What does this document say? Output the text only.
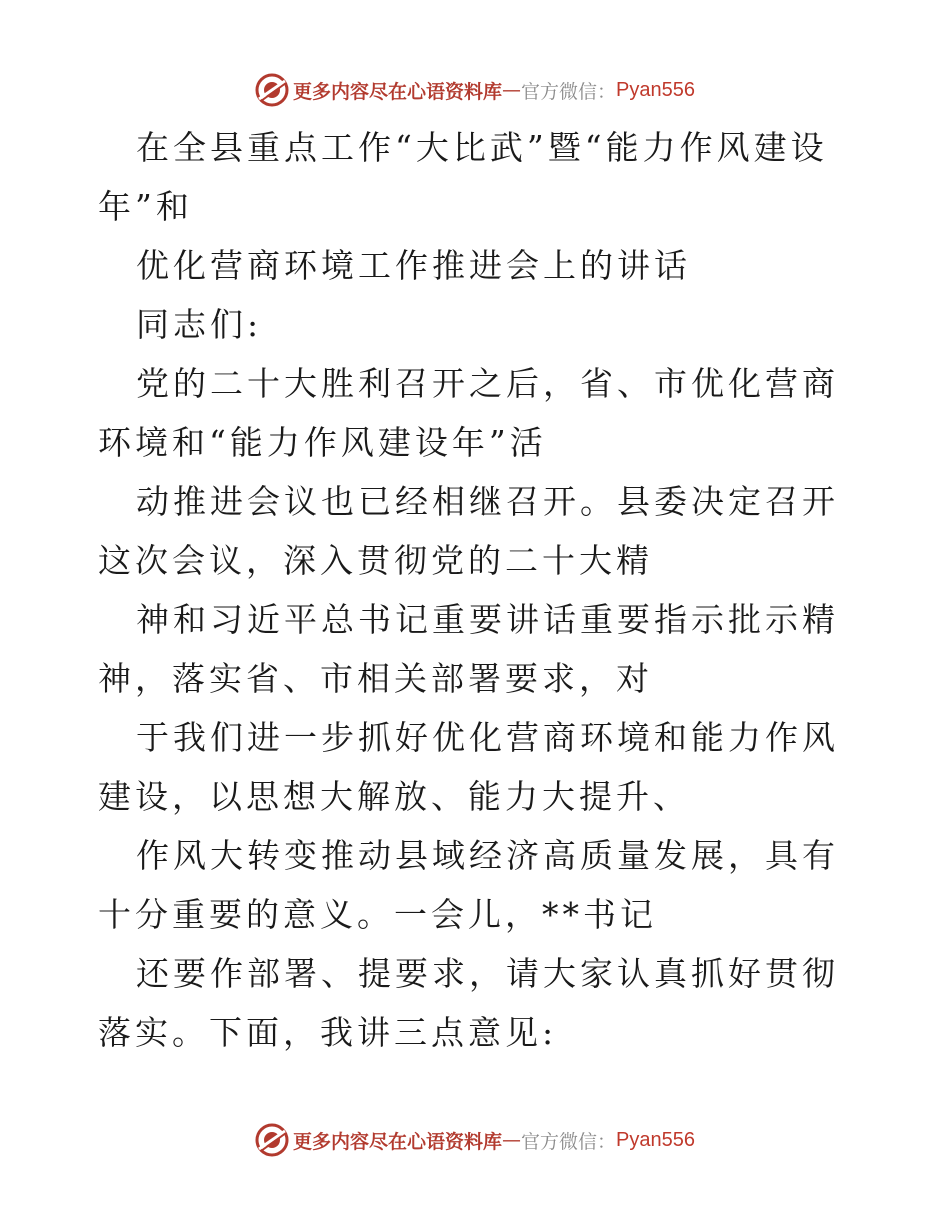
更多内容尽在心语资料库 — 官方微信： Pyan556

在全县重点工作“大比武”暨“能力作风建设年”和

优化营商环境工作推进会上的讲话

同志们:

党的二十大胜利召开之后，省、市优化营商环境和“能力作风建设年”活

动推进会议也已经相继召开。县委决定召开这次会议，深入贯彻党的二十大精

神和习近平总书记重要讲话重要指示批示精神，落实省、市相关部署要求，对

于我们进一步抓好优化营商环境和能力作风建设，以思想大解放、能力大提升、

作风大转变推动县域经济高质量发展，具有十分重要的意义。一会儿，**书记

还要作部署、提要求，请大家认真抓好贯彻落实。下面，我讲三点意见:

更多内容尽在心语资料库 — 官方微信： Pyan556
